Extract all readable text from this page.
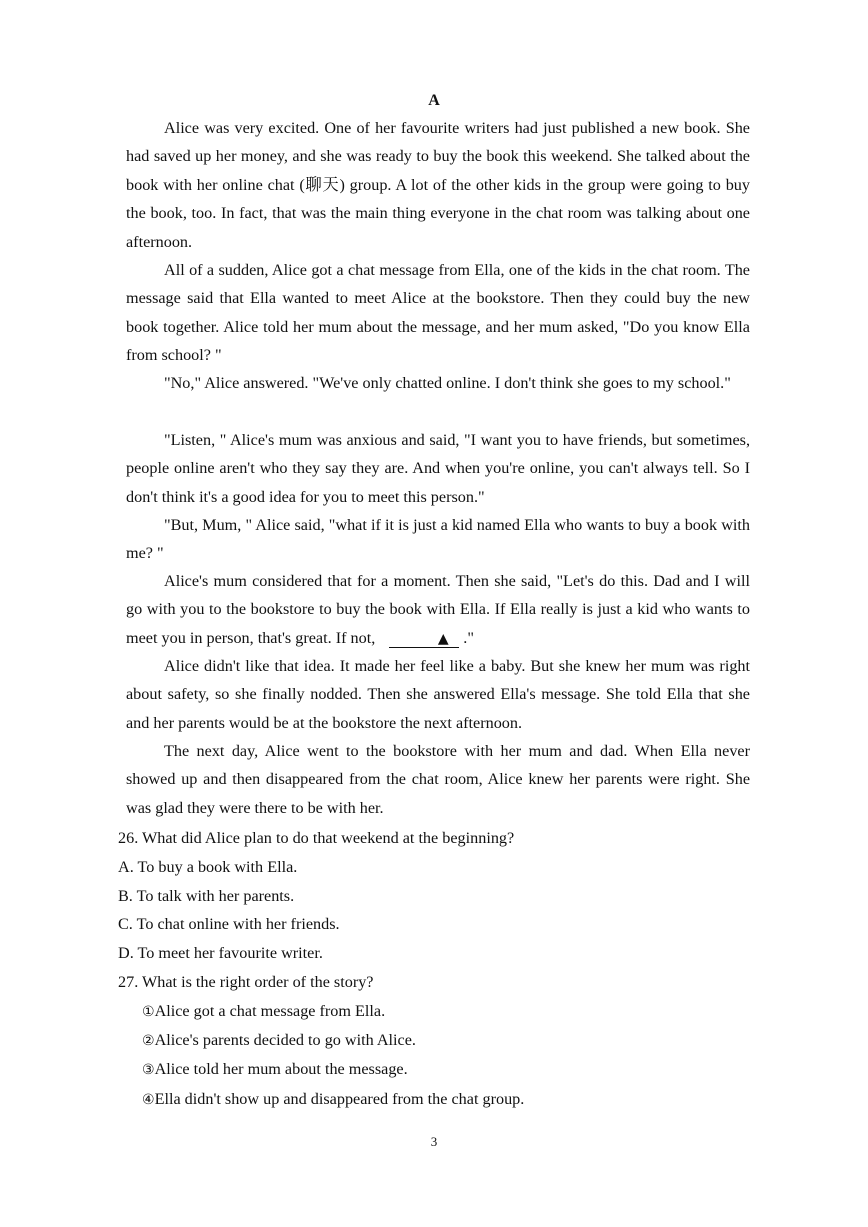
A

Alice was very excited. One of her favourite writers had just published a new book. She had saved up her money, and she was ready to buy the book this weekend. She talked about the book with her online chat (聊天) group. A lot of the other kids in the group were going to buy the book, too. In fact, that was the main thing everyone in the chat room was talking about one afternoon.

All of a sudden, Alice got a chat message from Ella, one of the kids in the chat room. The message said that Ella wanted to meet Alice at the bookstore. Then they could buy the new book together. Alice told her mum about the message, and her mum asked, "Do you know Ella from school? "

"No," Alice answered. "We've only chatted online. I don't think she goes to my school."

"Listen, " Alice's mum was anxious and said, "I want you to have friends, but sometimes, people online aren't who they say they are. And when you're online, you can't always tell. So I don't think it's a good idea for you to meet this person."

"But, Mum, " Alice said, "what if it is just a kid named Ella who wants to buy a book with me? "

Alice's mum considered that for a moment. Then she said, "Let's do this. Dad and I will go with you to the bookstore to buy the book with Ella. If Ella really is just a kid who wants to meet you in person, that's great. If not,	▲ ."

Alice didn't like that idea. It made her feel like a baby. But she knew her mum was right about safety, so she finally nodded. Then she answered Ella's message. She told Ella that she and her parents would be at the bookstore the next afternoon.

The next day, Alice went to the bookstore with her mum and dad. When Ella never showed up and then disappeared from the chat room, Alice knew her parents were right. She was glad they were there to be with her.

26. What did Alice plan to do that weekend at the beginning?
A. To buy a book with Ella.
B. To talk with her parents.
C. To chat online with her friends.
D. To meet her favourite writer.
27. What is the right order of the story?
①Alice got a chat message from Ella.
②Alice's parents decided to go with Alice.
③Alice told her mum about the message.
④Ella didn't show up and disappeared from the chat group.
3
